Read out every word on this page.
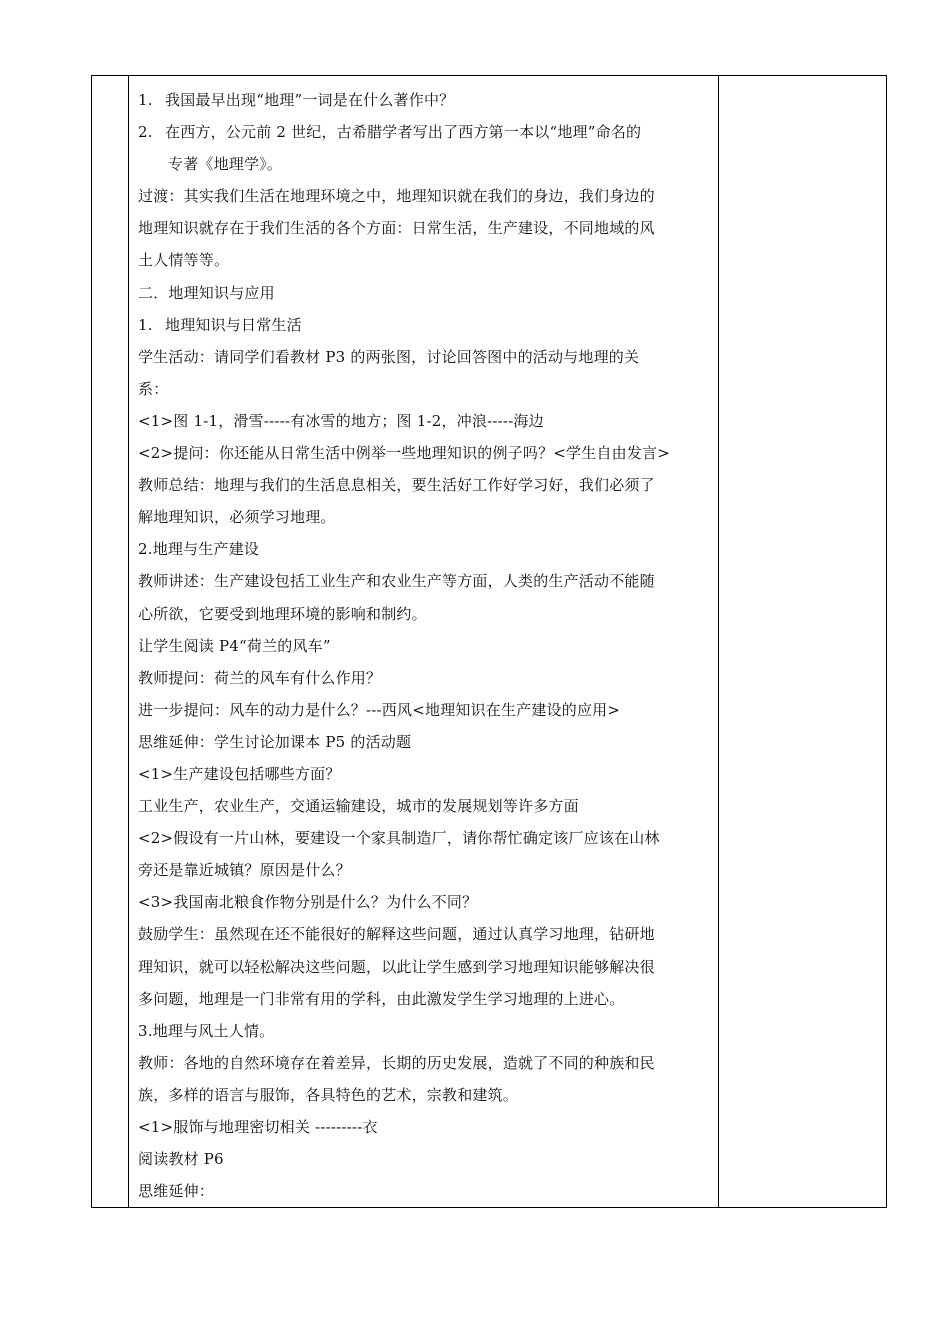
1. 我国最早出现“地理”一词是在什么著作中？
2. 在西方，公元前 2 世纪，古希腊学者写出了西方第一本以“地理”命名的
专著《地理学》。
过渡：其实我们生活在地理环境之中，地理知识就在我们的身边，我们身边的
地理知识就存在于我们生活的各个方面：日常生活，生产建设，不同地域的风
土人情等等。
二．地理知识与应用
1. 地理知识与日常生活
学生活动：请同学们看教材 P3 的两张图，讨论回答图中的活动与地理的关
系：
<1>图 1-1，滑雪-----有冰雪的地方；图 1-2，冲浪-----海边
<2>提问：你还能从日常生活中例举一些地理知识的例子吗？<学生自由发言>
教师总结：地理与我们的生活息息相关，要生活好工作好学习好，我们必须了
解地理知识，必须学习地理。
2.地理与生产建设
教师讲述：生产建设包括工业生产和农业生产等方面，人类的生产活动不能随
心所欲，它要受到地理环境的影响和制约。
让学生阅读 P4“荷兰的风车”
教师提问：荷兰的风车有什么作用？
进一步提问：风车的动力是什么？---西风<地理知识在生产建设的应用>
思维延伸：学生讨论加课本 P5 的活动题
<1>生产建设包括哪些方面？
工业生产，农业生产，交通运输建设，城市的发展规划等许多方面
<2>假设有一片山林，要建设一个家具制造厂，请你帮忙确定该厂应该在山林
旁还是靠近城镇？原因是什么？
<3>我国南北粮食作物分别是什么？为什么不同？
鼓励学生：虽然现在还不能很好的解释这些问题，通过认真学习地理，钻研地
理知识，就可以轻松解决这些问题，以此让学生感到学习地理知识能够解决很
多问题，地理是一门非常有用的学科，由此激发学生学习地理的上进心。
3.地理与风土人情。
教师：各地的自然环境存在着差异，长期的历史发展，造就了不同的种族和民
族，多样的语言与服饰，各具特色的艺术，宗教和建筑。
<1>服饰与地理密切相关 ---------衣
阅读教材 P6
思维延伸：
